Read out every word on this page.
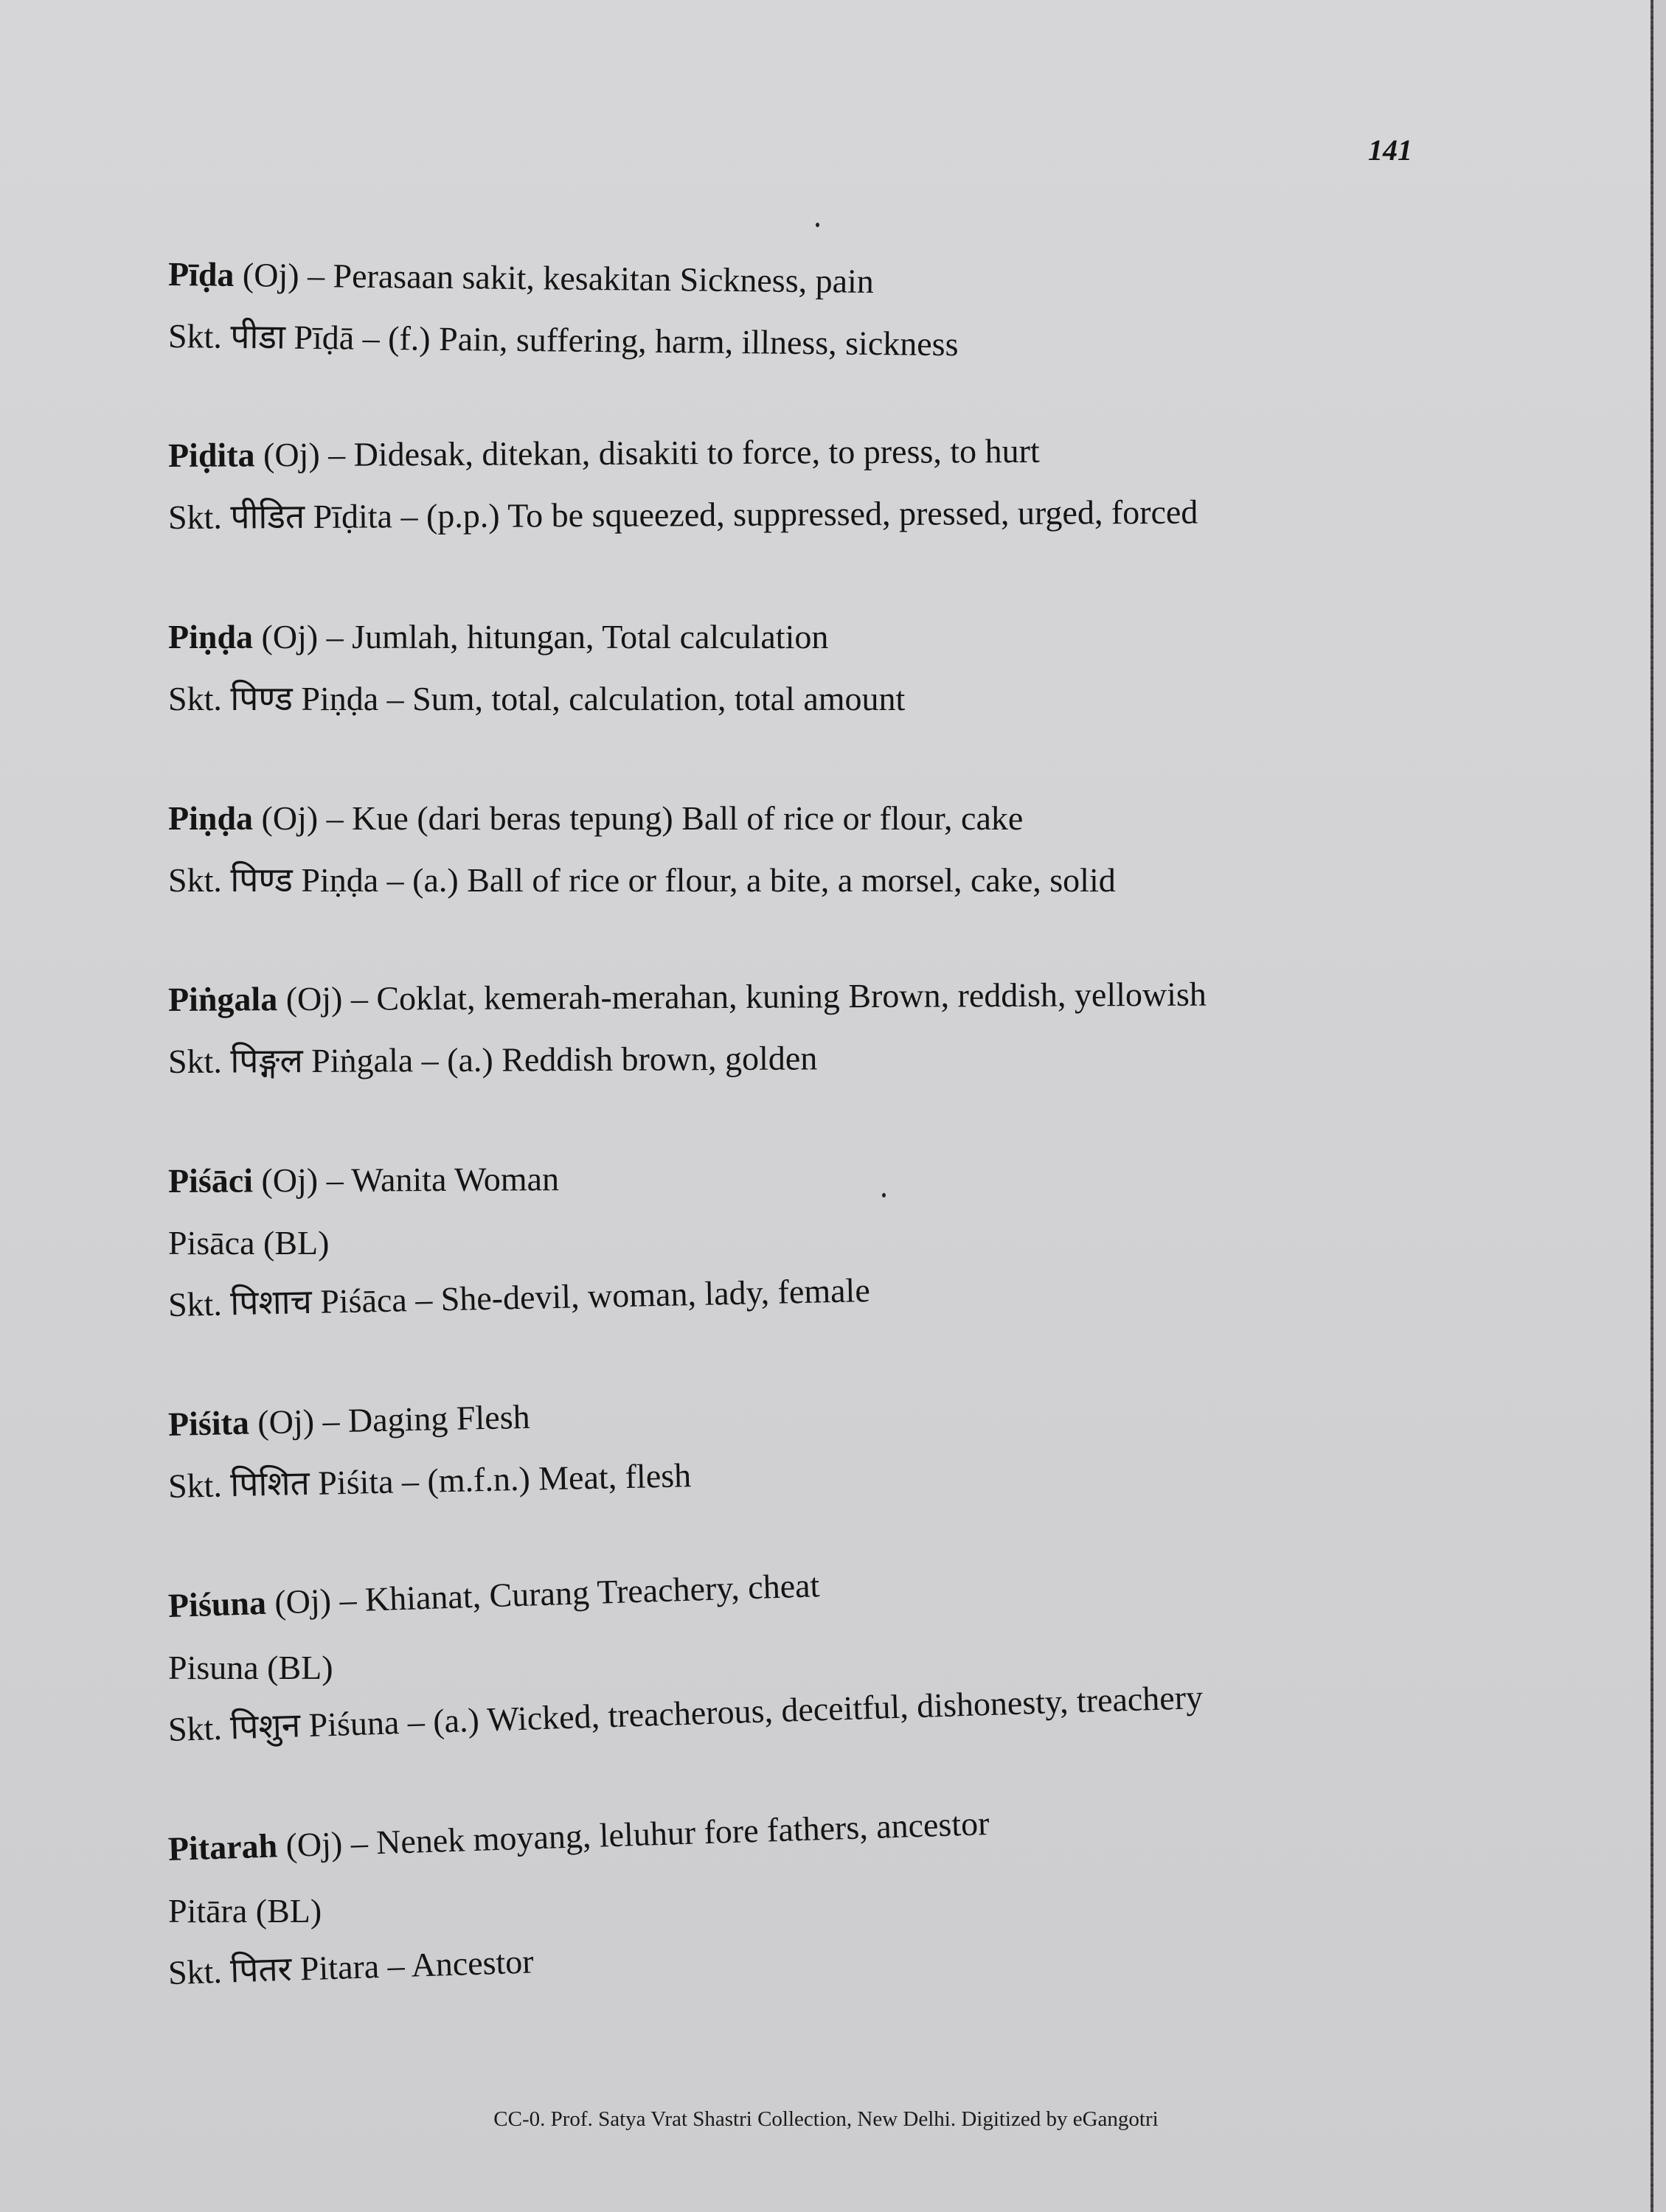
141
Pīḍa (Oj) – Perasaan sakit, kesakitan Sickness, pain
Skt. पीडा Pīḍā – (f.) Pain, suffering, harm, illness, sickness
Piḍita (Oj) – Didesak, ditekan, disakiti to force, to press, to hurt
Skt. पीडित Pīḍita – (p.p.) To be squeezed, suppressed, pressed, urged, forced
Piṇḍa (Oj) – Jumlah, hitungan, Total calculation
Skt. पिण्ड Piṇḍa – Sum, total, calculation, total amount
Piṇḍa (Oj) – Kue (dari beras tepung) Ball of rice or flour, cake
Skt. पिण्ड Piṇḍa – (a.) Ball of rice or flour, a bite, a morsel, cake, solid
Piṅgala (Oj) – Coklat, kemerah-merahan, kuning Brown, reddish, yellowish
Skt. पिङ्गल Piṅgala – (a.) Reddish brown, golden
Piśāci (Oj) – Wanita Woman
Pisāca (BL)
Skt. पिशाच Piśāca – She-devil, woman, lady, female
Piśita (Oj) – Daging Flesh
Skt. पिशित Piśita – (m.f.n.) Meat, flesh
Piśuna (Oj) – Khianat, Curang Treachery, cheat
Pisuna (BL)
Skt. पिशुन Piśuna – (a.) Wicked, treacherous, deceitful, dishonesty, treachery
Pitarah (Oj) – Nenek moyang, leluhur fore fathers, ancestor
Pitāra (BL)
Skt. पितर Pitara – Ancestor
CC-0. Prof. Satya Vrat Shastri Collection, New Delhi. Digitized by eGangotri
